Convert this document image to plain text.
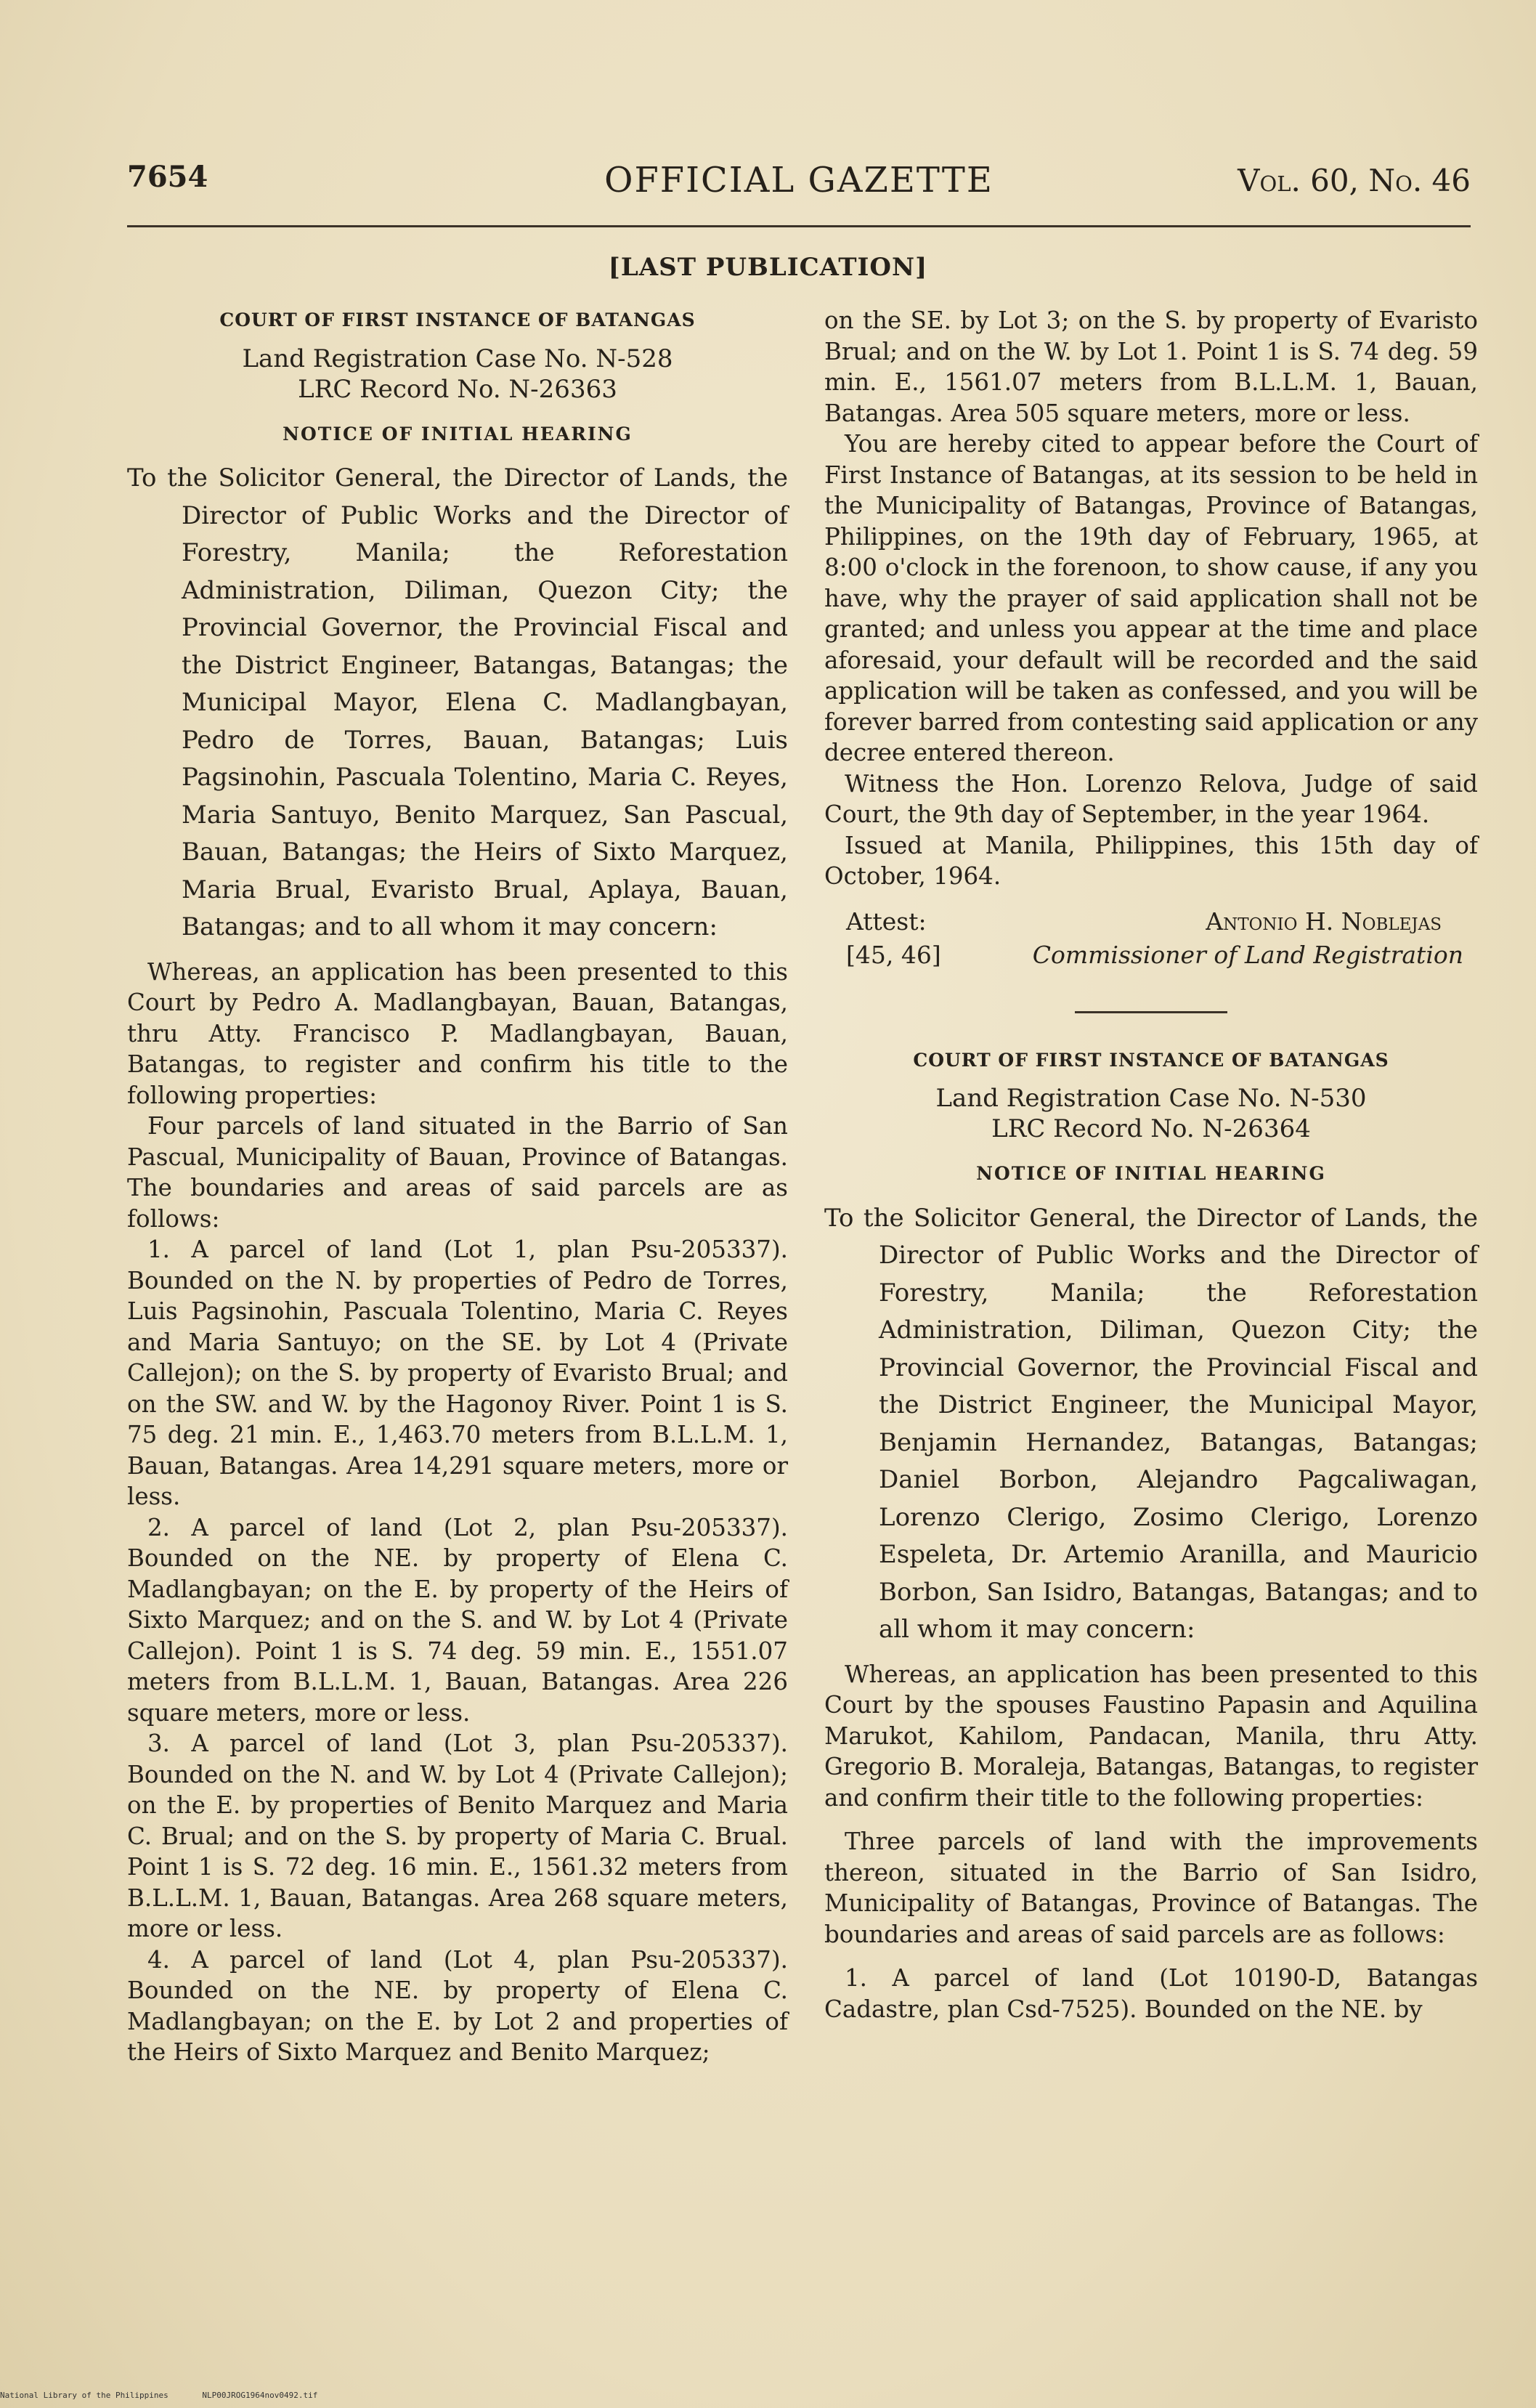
7654	OFFICIAL GAZETTE	Vol. 60, No. 46
[LAST PUBLICATION]
COURT OF FIRST INSTANCE OF BATANGAS
Land Registration Case No. N-528
LRC Record No. N-26363
NOTICE OF INITIAL HEARING

To the Solicitor General, the Director of Lands, the Director of Public Works and the Director of Forestry, Manila; the Reforestation Administration, Diliman, Quezon City; the Provincial Governor, the Provincial Fiscal and the District Engineer, Batangas, Batangas; the Municipal Mayor, Elena C. Madlangbayan, Pedro de Torres, Bauan, Batangas; Luis Pagsinohin, Pascuala Tolentino, Maria C. Reyes, Maria Santuyo, Benito Marquez, San Pascual, Bauan, Batangas; the Heirs of Sixto Marquez, Maria Brual, Evaristo Brual, Aplaya, Bauan, Batangas; and to all whom it may concern:

Whereas, an application has been presented to this Court by Pedro A. Madlangbayan, Bauan, Batangas, thru Atty. Francisco P. Madlangbayan, Bauan, Batangas, to register and confirm his title to the following properties:

Four parcels of land situated in the Barrio of San Pascual, Municipality of Bauan, Province of Batangas. The boundaries and areas of said parcels are as follows:

1. A parcel of land (Lot 1, plan Psu-205337). Bounded on the N. by properties of Pedro de Torres, Luis Pagsinohin, Pascuala Tolentino, Maria C. Reyes and Maria Santuyo; on the SE. by Lot 4 (Private Callejon); on the S. by property of Evaristo Brual; and on the SW. and W. by the Hagonoy River. Point 1 is S. 75 deg. 21 min. E., 1,463.70 meters from B.L.L.M. 1, Bauan, Batangas. Area 14,291 square meters, more or less.

2. A parcel of land (Lot 2, plan Psu-205337). Bounded on the NE. by property of Elena C. Madlangbayan; on the E. by property of the Heirs of Sixto Marquez; and on the S. and W. by Lot 4 (Private Callejon). Point 1 is S. 74 deg. 59 min. E., 1551.07 meters from B.L.L.M. 1, Bauan, Batangas. Area 226 square meters, more or less.

3. A parcel of land (Lot 3, plan Psu-205337). Bounded on the N. and W. by Lot 4 (Private Callejon); on the E. by properties of Benito Marquez and Maria C. Brual; and on the S. by property of Maria C. Brual. Point 1 is S. 72 deg. 16 min. E., 1561.32 meters from B.L.L.M. 1, Bauan, Batangas. Area 268 square meters, more or less.

4. A parcel of land (Lot 4, plan Psu-205337). Bounded on the NE. by property of Elena C. Madlangbayan; on the E. by Lot 2 and properties of the Heirs of Sixto Marquez and Benito Marquez;

on the SE. by Lot 3; on the S. by property of Evaristo Brual; and on the W. by Lot 1. Point 1 is S. 74 deg. 59 min. E., 1561.07 meters from B.L.L.M. 1, Bauan, Batangas. Area 505 square meters, more or less.

You are hereby cited to appear before the Court of First Instance of Batangas, at its session to be held in the Municipality of Batangas, Province of Batangas, Philippines, on the 19th day of February, 1965, at 8:00 o'clock in the forenoon, to show cause, if any you have, why the prayer of said application shall not be granted; and unless you appear at the time and place aforesaid, your default will be recorded and the said application will be taken as confessed, and you will be forever barred from contesting said application or any decree entered thereon.

Witness the Hon. Lorenzo Relova, Judge of said Court, the 9th day of September, in the year 1964.

Issued at Manila, Philippines, this 15th day of October, 1964.

Attest:
[45, 46]
Antonio H. Noblejas
Commissioner of Land Registration
COURT OF FIRST INSTANCE OF BATANGAS
Land Registration Case No. N-530
LRC Record No. N-26364
NOTICE OF INITIAL HEARING

To the Solicitor General, the Director of Lands, the Director of Public Works and the Director of Forestry, Manila; the Reforestation Administration, Diliman, Quezon City; the Provincial Governor, the Provincial Fiscal and the District Engineer, the Municipal Mayor, Benjamin Hernandez, Batangas, Batangas; Daniel Borbon, Alejandro Pagcaliwagan, Lorenzo Clerigo, Zosimo Clerigo, Lorenzo Espeleta, Dr. Artemio Aranilla, and Mauricio Borbon, San Isidro, Batangas, Batangas; and to all whom it may concern:

Whereas, an application has been presented to this Court by the spouses Faustino Papasin and Aquilina Marukot, Kahilom, Pandacan, Manila, thru Atty. Gregorio B. Moraleja, Batangas, Batangas, to register and confirm their title to the following properties:

Three parcels of land with the improvements thereon, situated in the Barrio of San Isidro, Municipality of Batangas, Province of Batangas. The boundaries and areas of said parcels are as follows:

1. A parcel of land (Lot 10190-D, Batangas Cadastre, plan Csd-7525). Bounded on the NE. by

National Library of the Philippines	NLP00JROG1964nov0492.tif
